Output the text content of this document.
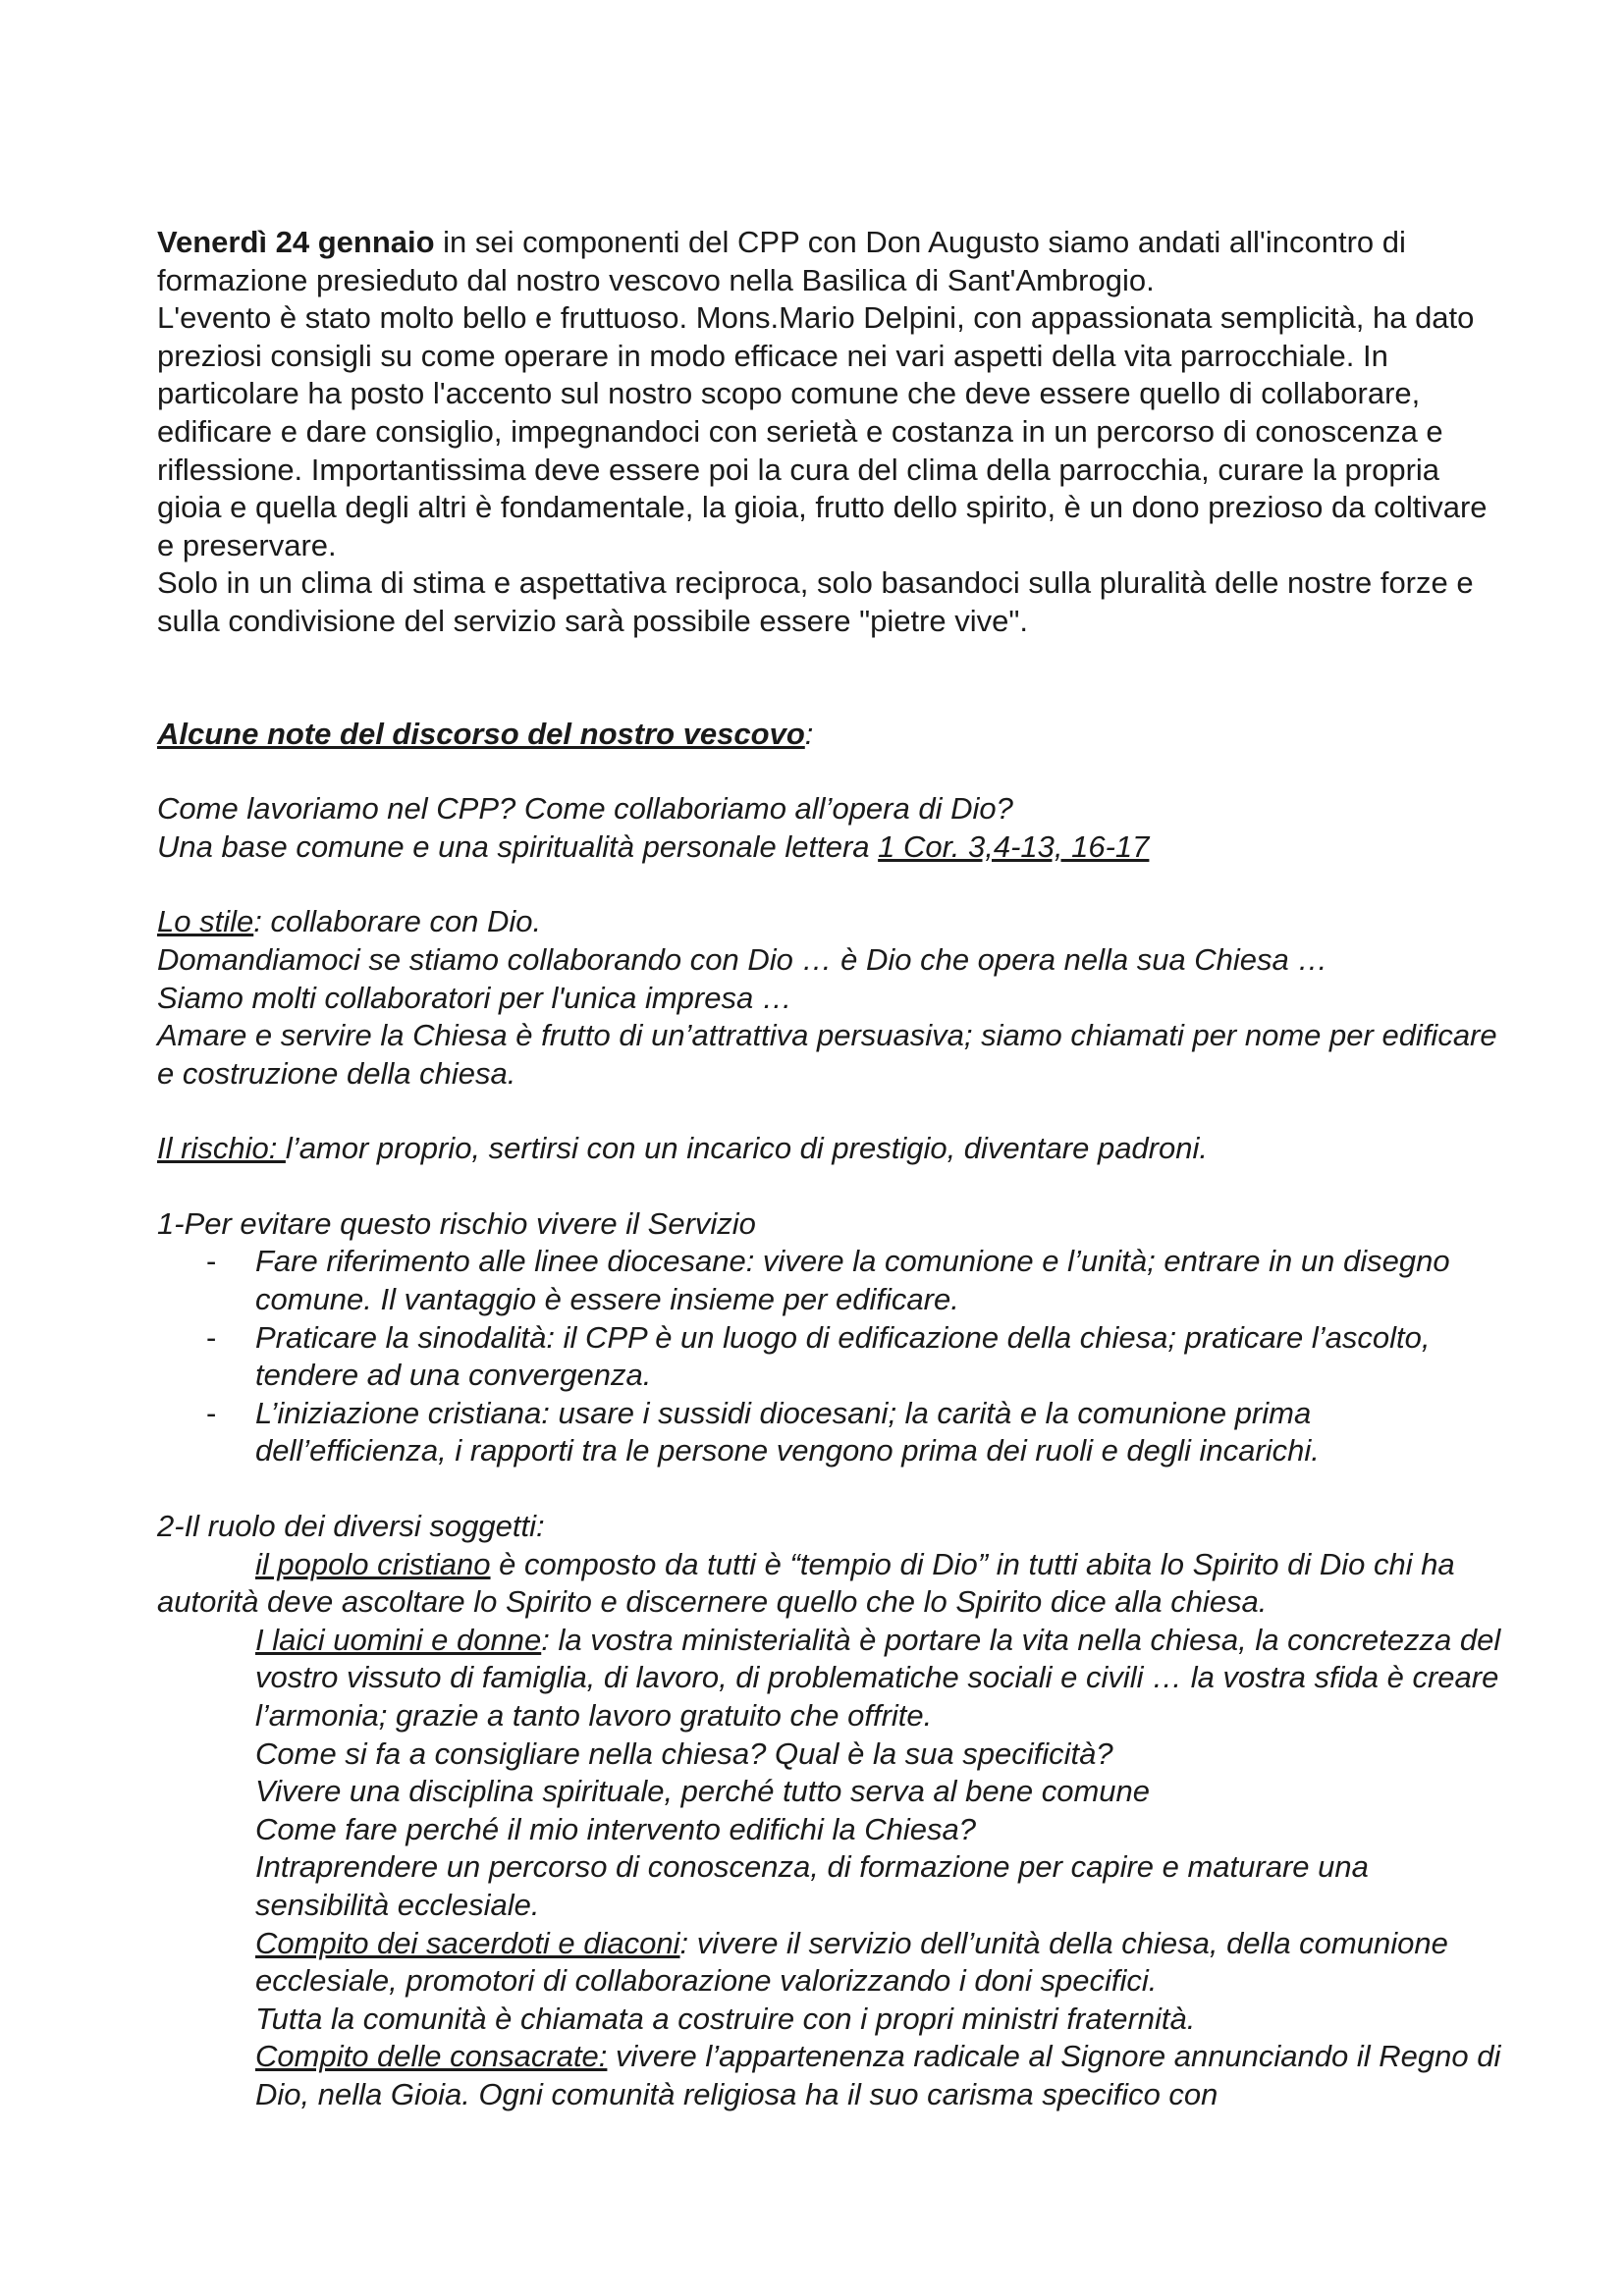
Venerdì 24 gennaio in sei componenti del CPP con Don Augusto siamo andati all'incontro di formazione presieduto dal nostro vescovo nella Basilica di Sant'Ambrogio.

L'evento è stato molto bello e fruttuoso. Mons.Mario Delpini, con appassionata semplicità, ha dato preziosi consigli su come operare in modo efficace nei vari aspetti della vita parrocchiale. In particolare ha posto l'accento sul nostro scopo comune che deve essere quello di collaborare, edificare e dare consiglio, impegnandoci con serietà e costanza in un percorso di conoscenza e riflessione. Importantissima deve essere poi la cura del clima della parrocchia, curare la propria gioia e quella degli altri è fondamentale, la gioia, frutto dello spirito, è un dono prezioso da coltivare e preservare.

Solo in un clima di stima e aspettativa reciproca, solo basandoci sulla pluralità delle nostre forze e sulla condivisione del servizio sarà possibile essere "pietre vive".

Alcune note del discorso del nostro vescovo:

Come lavoriamo nel CPP? Come collaboriamo all’opera di Dio?

Una base comune e una spiritualità personale lettera 1 Cor. 3,4-13, 16-17

Lo stile: collaborare con Dio.

Domandiamoci se stiamo collaborando con Dio … è Dio che opera nella sua Chiesa …

Siamo molti collaboratori per l'unica impresa …

Amare e servire la Chiesa è frutto di un’attrattiva persuasiva; siamo chiamati per nome per edificare e costruzione della chiesa.

Il rischio: l’amor proprio, sertirsi con un incarico di prestigio, diventare padroni.

1-Per evitare questo rischio vivere il Servizio

- Fare riferimento alle linee diocesane: vivere la comunione e l’unità; entrare in un disegno comune. Il vantaggio è essere insieme per edificare.
- Praticare la sinodalità: il CPP è un luogo di edificazione della chiesa; praticare l’ascolto, tendere ad una convergenza.
- L’iniziazione cristiana: usare i sussidi diocesani; la carità e la comunione prima dell’efficienza, i rapporti tra le persone vengono prima dei ruoli e degli incarichi.

2-Il ruolo dei diversi soggetti:

il popolo cristiano è composto da tutti è “tempio di Dio” in tutti abita lo Spirito di Dio chi ha autorità deve ascoltare lo Spirito e discernere quello che lo Spirito dice alla chiesa.

I laici uomini e donne: la vostra ministerialità è portare la vita nella chiesa, la concretezza del vostro vissuto di famiglia, di lavoro, di problematiche sociali e civili … la vostra sfida è creare l’armonia; grazie a tanto lavoro gratuito che offrite.

Come si fa a consigliare nella chiesa? Qual è la sua specificità?

Vivere una disciplina spirituale, perché tutto serva al bene comune

Come fare perché il mio intervento edifichi la Chiesa?

Intraprendere un percorso di conoscenza, di formazione per capire e maturare una sensibilità ecclesiale.

Compito dei sacerdoti e diaconi: vivere il servizio dell’unità della chiesa, della comunione ecclesiale, promotori di collaborazione valorizzando i doni specifici.

Tutta la comunità è chiamata a costruire con i propri ministri fraternità.

Compito delle consacrate: vivere l’appartenenza radicale al Signore annunciando il Regno di Dio, nella Gioia. Ogni comunità religiosa ha il suo carisma specifico con
